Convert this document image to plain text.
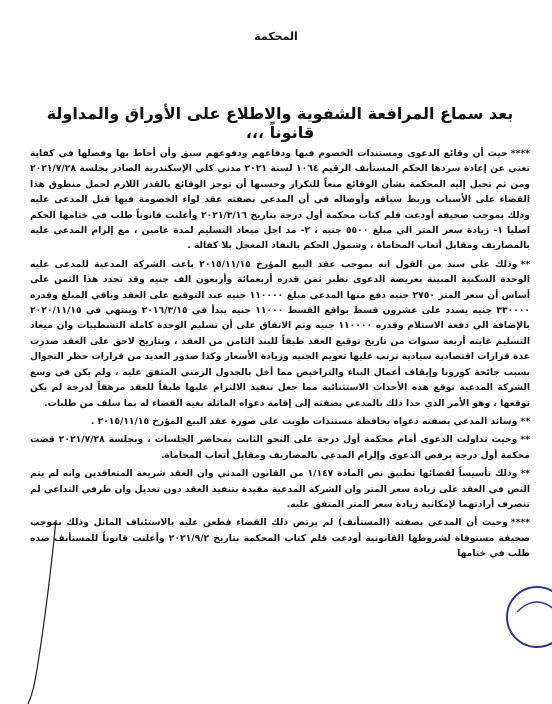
المحكمة
بعد سماع المرافعة الشفوية والاطلاع على الأوراق والمداولة قانوناً ،،،

****حيث أن وقائع الدعوى ومستندات الخصوم فيها ودفاعهم ودفوعهم سبق وأن أحاط بها وفصلها في كفاية تغني عن إعادة سردها الحكم المستأنف الرقيم ١٠٦٤ لسنة ٢٠٢١ مدني كلي الإسكندرية الصادر بجلسة ٢٠٢١/٧/٢٨ ومن ثم تحيل إليه المحكمة بشأن الوقائع منعاً للتكرار وحسبها أن توجز الوقائع بالقدر اللازم لحمل منطوق هذا القضاء على الأسباب وربط سياقه وأوصاله في أن المدعي بصفته عقد لواء الخصومة فيها قبل المدعى عليه وذلك بموجب صحيفة أودعت قلم كتاب محكمة أول درجة بتاريخ ٢٠٢١/٣/١٦ وأعلنت قانوناً طلب في ختامها الحكم اصليا ١- زيادة سعر المتر الي مبلغ ٥٥٠٠ جنيه ، ٢- مد اجل ميعاد التسليم لمدة عامين ، مع إلزام المدعي عليه بالمصاريف ومقابل أتعاب المحاماة ، وشمول الحكم بالنفاذ المعجل بلا كفالة .

**وذلك على سند من القول انه بموجب عقد البيع المؤرخ ٢٠١٥/١١/١٥ باعت الشركة المدعية للمدعى عليه الوحدة السكنية المبينة بعريضة الدعوى نظير ثمن قدره أربعمائة وأربعون الف جنيه وقد تحدد هذا الثمن على أساس أن سعر المتر ٢٧٥٠ جنيه دفع منها المدعي مبلغ ١١٠٠٠٠ جنيه عند التوقيع على العقد وباقي المبلغ وقدره ٣٣٠٠٠٠ جنيه يسدد على عشرون قسط بواقع القسط ١١٠٠٠ جنيه يبدأ في ٢٠١٦/٣/١٥ وينتهي في ٢٠٢٠/١١/١٥ بالإضافة الي دفعة الاستلام وقدره ١١٠٠٠٠ جنيه وتم الاتفاق على أن تسليم الوحدة كاملة التشطيبات وان ميعاد التسليم غايته أربعة سنوات من تاريخ توقيع العقد طبقاً للبند الثامن من العقد ، وبتاريخ لاحق على العقد صدرت عدة قرارات اقتصادية سيادية ترتب عليها تعويم الجنيه وزيادة الأسعار وكذا صدور العديد من قرارات حظر التجوال بسبب جائحة كورونا وإيقاف أعمال البناء والتراخيص مما أخل بالجدول الزمني المتفق عليه ، ولم يكن في وسع الشركة المدعية توقع هذه الأحداث الاستثنائية مما جعل تنفيذ الالتزام عليها طبقاً للعقد مرهقاً لدرجة لم يكن توقعها ، وهو الأمر الذي حدا ذلك بالمدعي بصفته إلى إقامة دعواه الماثلة بغية القضاء له بما سلف من طلبات.

**وساند المدعي بصفته دعواه بحافظة مستندات طويت على صورة عقد البيع المؤرخ ٢٠١٥/١١/١٥ .

**وحيث تداولت الدعوى أمام محكمة أول درجة على النحو الثابت بمحاضر الجلسات ، وبجلسة ٢٠٢١/٧/٢٨ قضت محكمة أول درجة برفض الدعوى وإلزام المدعي بالمصاريف ومقابل أتعاب المحاماة.

**وذلك تأسيساً لقضائها تطبيق نص المادة ١/١٤٧ من القانون المدني وان العقد شريعة المتعاقدين وانه لم يتم النص في العقد على زيادة سعر المتر وان الشركة المدعية مقيدة بتنفيذ العقد دون تعديل وان طرفي التداعي لم تنصرف أرادتهما لإمكانية زيادة سعر المتر المتفق عليه.

****وحيث أن المدعي بصفته (المستأنف) لم يرتض ذلك القضاء فطعن عليه بالاستئناف الماثل وذلك بموجب صحيفة مستوفاة لشروطها القانونية أودعت قلم كتاب المحكمة بتاريخ ٢٠٢١/٩/٢ وأعلنت قانوناً للمستأنف ضده طلب في ختامها
